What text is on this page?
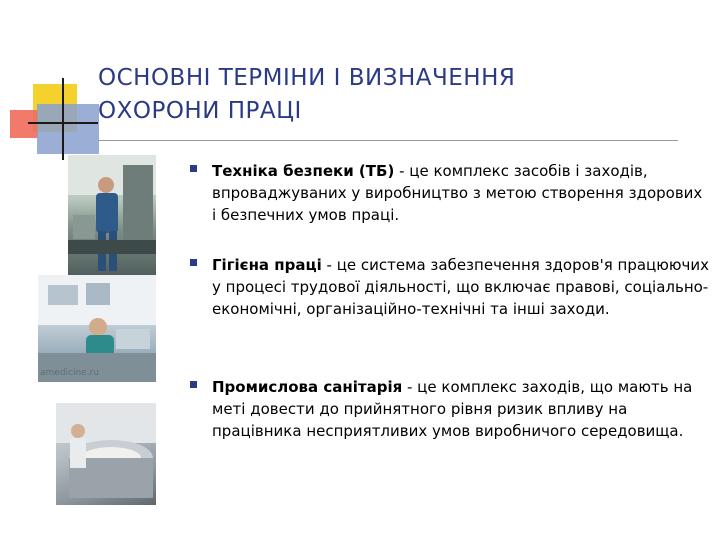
ОСНОВНІ ТЕРМІНИ І ВИЗНАЧЕННЯ
ОХОРОНИ ПРАЦІ
amedicine.ru
Техніка безпеки (ТБ) - це комплекс засобів і заходів, впроваджуваних у виробництво з метою створення здорових і безпечних умов праці.
Гігієна праці - це система забезпечення здоров'я працюючих у процесі трудової діяльності, що включає правові, соціально-економічні, організаційно-технічні та інші заходи.
Промислова санітарія - це комплекс заходів, що мають на меті довести до прийнятного рівня ризик впливу на працівника несприятливих умов виробничого середовища.
